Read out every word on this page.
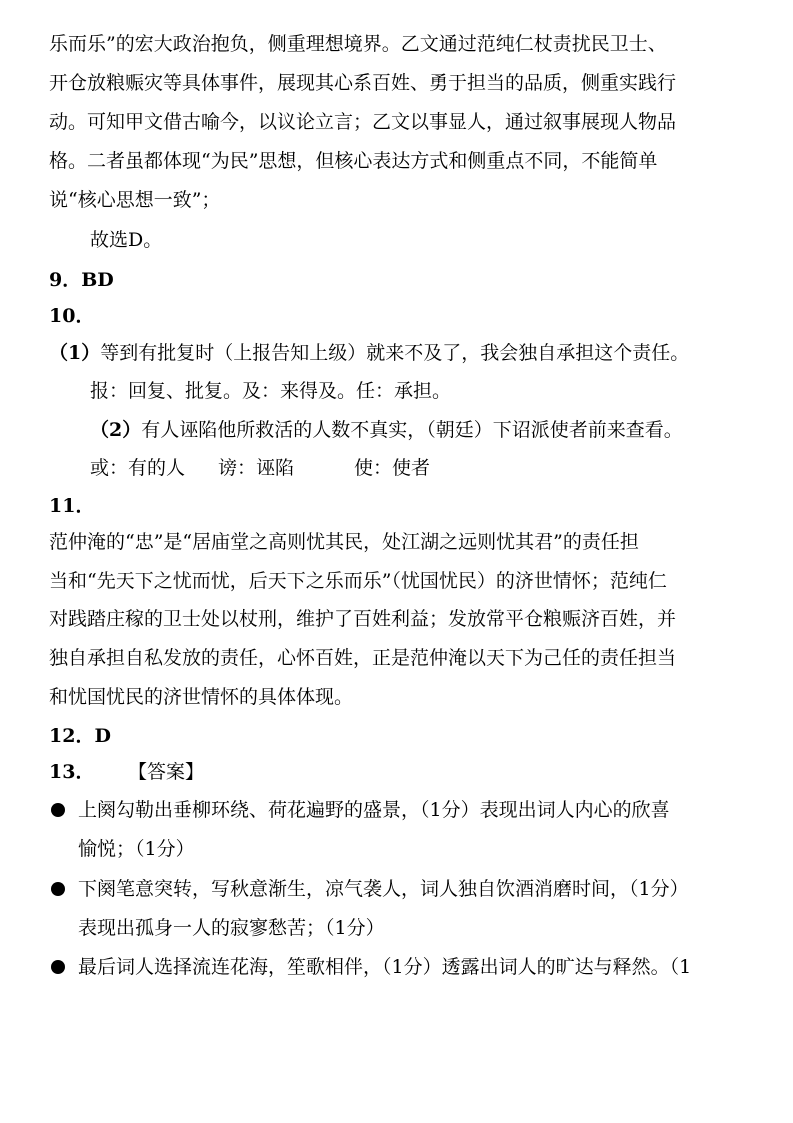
乐而乐”的宏大政治抱负，侧重理想境界。乙文通过范纯仁杖责扰民卫士、
开仓放粮赈灾等具体事件，展现其心系百姓、勇于担当的品质，侧重实践行
动。可知甲文借古喻今，以议论立言；乙文以事显人，通过叙事展现人物品
格。二者虽都体现“为民”思想，但核心表达方式和侧重点不同，不能简单
说“核心思想一致”；
故选D。
9．BD
10．
（1）等到有批复时（上报告知上级）就来不及了，我会独自承担这个责任。
报：回复、批复。及：来得及。任：承担。
（2）有人诬陷他所救活的人数不真实，（朝廷）下诏派使者前来查看。
或：有的人 谤：诬陷	使：使者
11．
范仲淹的“忠”是“居庙堂之高则忧其民，处江湖之远则忧其君”的责任担
当和“先天下之忧而忧，后天下之乐而乐”（忧国忧民）的济世情怀；范纯仁
对践踏庄稼的卫士处以杖刑，维护了百姓利益；发放常平仓粮赈济百姓，并
独自承担自私发放的责任，心怀百姓，正是范仲淹以天下为己任的责任担当
和忧国忧民的济世情怀的具体体现。
12．D
13． 【答案】
上阕勾勒出垂柳环绕、荷花遍野的盛景，（1分）表现出词人内心的欣喜
愉悦；（1分）
下阕笔意突转，写秋意渐生，凉气袭人，词人独自饮酒消磨时间，（1分）
表现出孤身一人的寂寥愁苦；（1分）
最后词人选择流连花海，笙歌相伴，（1分）透露出词人的旷达与释然。（1
